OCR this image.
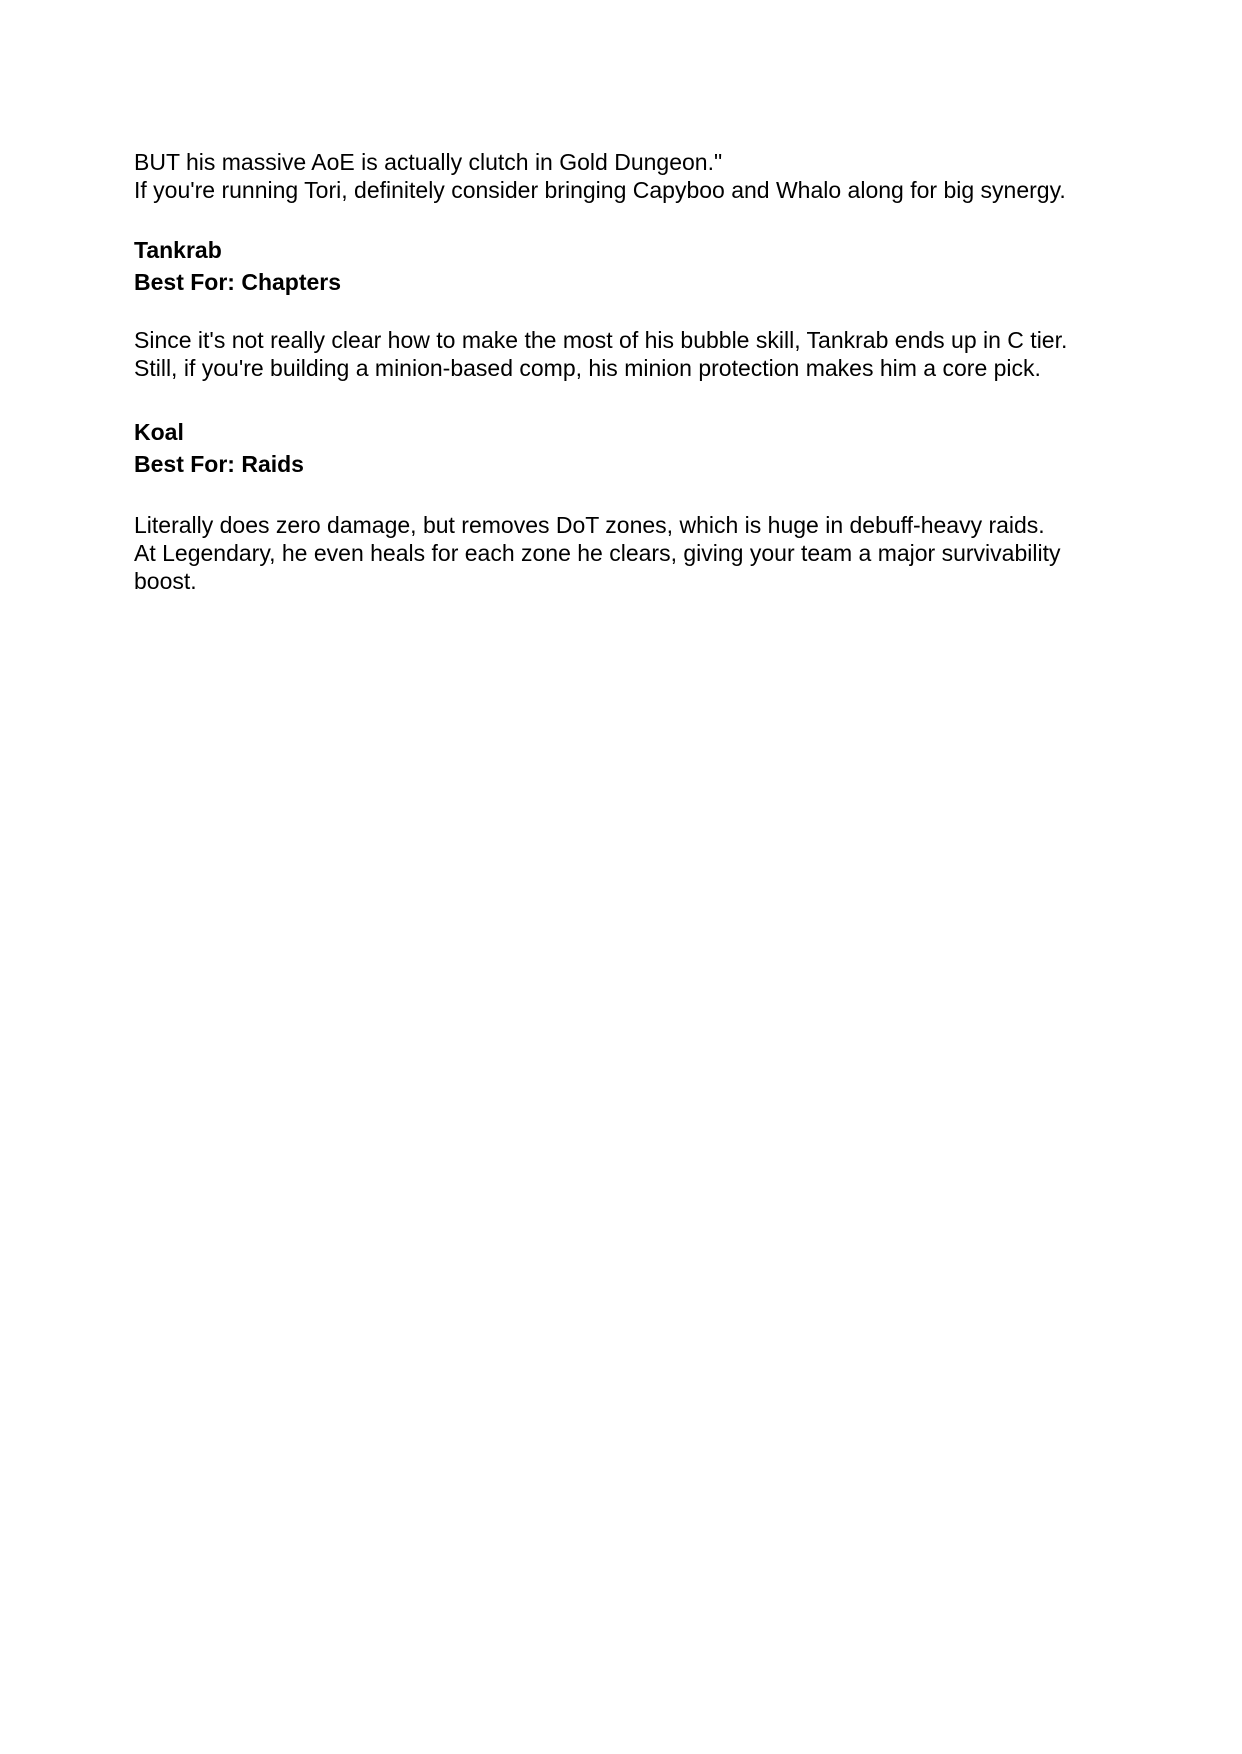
BUT his massive AoE is actually clutch in Gold Dungeon."
If you're running Tori, definitely consider bringing Capyboo and Whalo along for big synergy.
Tankrab
Best For: Chapters
Since it's not really clear how to make the most of his bubble skill, Tankrab ends up in C tier.
Still, if you're building a minion-based comp, his minion protection makes him a core pick.
Koal
Best For: Raids
Literally does zero damage, but removes DoT zones, which is huge in debuff-heavy raids.
At Legendary, he even heals for each zone he clears, giving your team a major survivability
boost.
